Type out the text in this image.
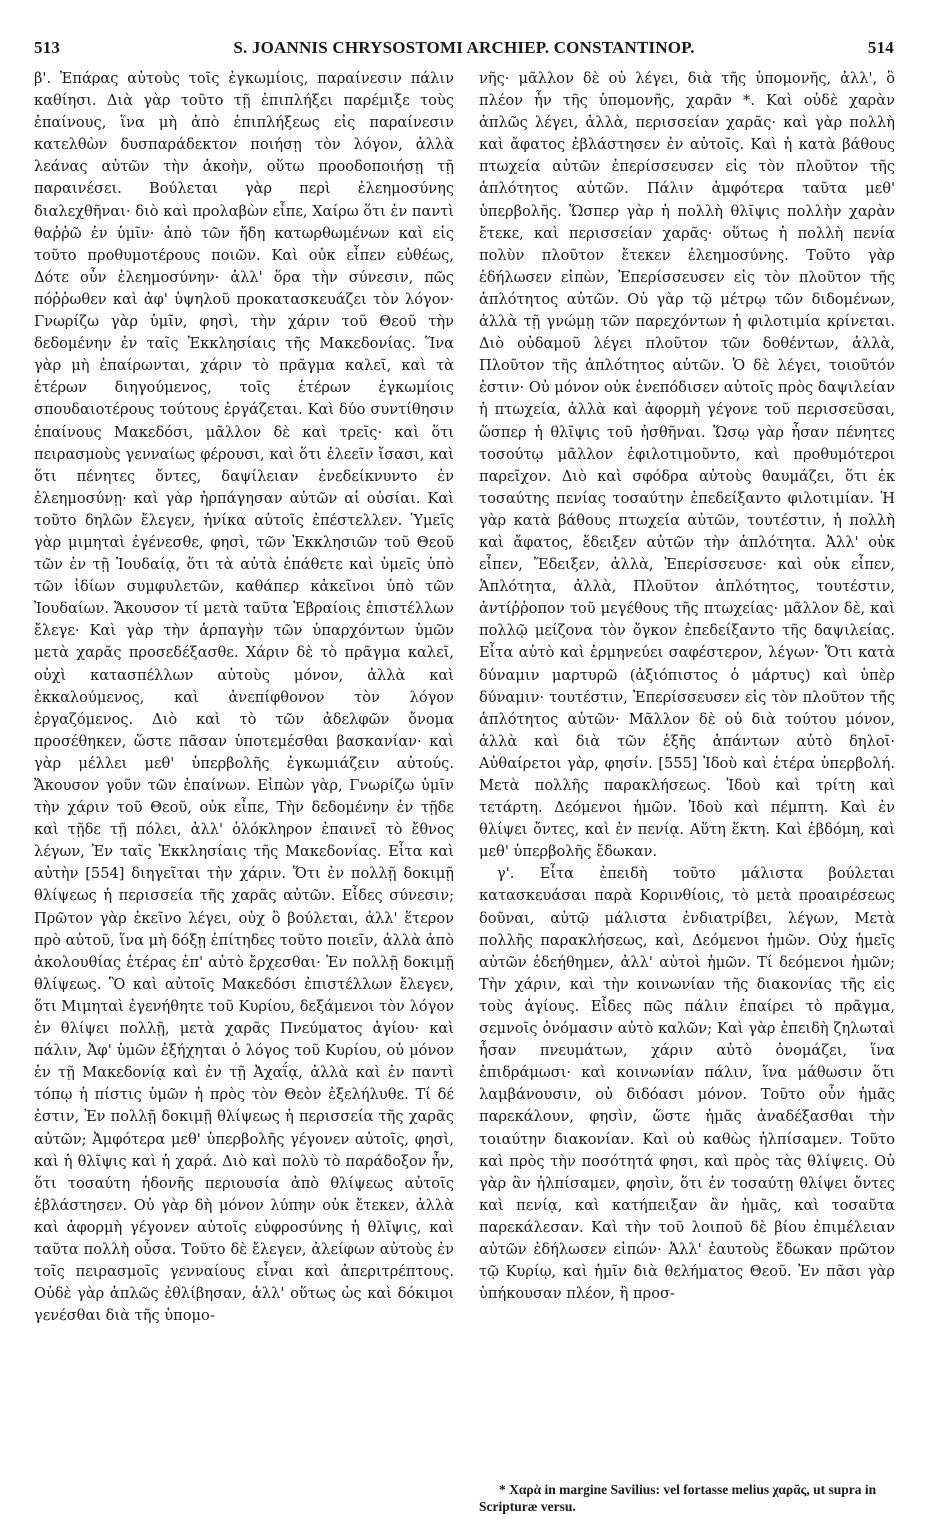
513	S. JOANNIS CHRYSOSTOMI ARCHIEP. CONSTANTINOP.	514

β'. Ἐπάρας αὐτοὺς τοῖς ἐγκωμίοις, παραίνεσιν πάλιν καθίησι. Διὰ γὰρ τοῦτο τῇ ἐπιπλήξει παρέμιξε τοὺς ἐπαίνους, ἵνα μὴ ἀπὸ ἐπιπλήξεως εἰς παραίνεσιν κατελθὼν δυσπαράδεκτον ποιήσῃ τὸν λόγον, ἀλλὰ λεάνας αὐτῶν τὴν ἀκοὴν, οὕτω προοδοποιήσῃ τῇ παραινέσει. Βούλεται γὰρ περὶ ἐλεημοσύνης διαλεχθῆναι· διὸ καὶ προλαβὼν εἶπε, Χαίρω ὅτι ἐν παντὶ θαῤῥῶ ἐν ὑμῖν· ἀπὸ τῶν ἤδη κατωρθωμένων καὶ εἰς τοῦτο προθυμοτέρους ποιῶν. Καὶ οὐκ εἶπεν εὐθέως, Δότε οὖν ἐλεημοσύνην· ἀλλ' ὅρα τὴν σύνεσιν, πῶς πόῤῥωθεν καὶ ἀφ' ὑψηλοῦ προκατασκευάζει τὸν λόγον· Γνωρίζω γὰρ ὑμῖν, φησὶ, τὴν χάριν τοῦ Θεοῦ τὴν δεδομένην ἐν ταῖς Ἐκκλησίαις τῆς Μακεδονίας. Ἵνα γὰρ μὴ ἐπαίρωνται, χάριν τὸ πρᾶγμα καλεῖ, καὶ τὰ ἑτέρων διηγούμενος, τοῖς ἑτέρων ἐγκωμίοις σπουδαιοτέρους τούτους ἐργάζεται. Καὶ δύο συντίθησιν ἐπαίνους Μακεδόσι, μᾶλλον δὲ καὶ τρεῖς· καὶ ὅτι πειρασμοὺς γενναίως φέρουσι, καὶ ὅτι ἐλεεῖν ἴσασι, καὶ ὅτι πένητες ὄντες, δαψίλειαν ἐνεδείκνυντο ἐν ἐλεημοσύνῃ· καὶ γὰρ ἡρπάγησαν αὐτῶν αἱ οὐσίαι. Καὶ τοῦτο δηλῶν ἔλεγεν, ἡνίκα αὐτοῖς ἐπέστελλεν. Ὑμεῖς γὰρ μιμηταὶ ἐγένεσθε, φησὶ, τῶν Ἐκκλησιῶν τοῦ Θεοῦ τῶν ἐν τῇ Ἰουδαίᾳ, ὅτι τὰ αὐτὰ ἐπάθετε καὶ ὑμεῖς ὑπὸ τῶν ἰδίων συμφυλετῶν, καθάπερ κἀκεῖνοι ὑπὸ τῶν Ἰουδαίων. Ἄκουσον τί μετὰ ταῦτα Ἑβραίοις ἐπιστέλλων ἔλεγε· Καὶ γὰρ τὴν ἁρπαγὴν τῶν ὑπαρχόντων ὑμῶν μετὰ χαρᾶς προσεδέξασθε. Χάριν δὲ τὸ πρᾶγμα καλεῖ, οὐχὶ κατασπέλλων αὐτοὺς μόνον, ἀλλὰ καὶ ἐκκαλούμενος, καὶ ἀνεπίφθονον τὸν λόγον ἐργαζόμενος. Διὸ καὶ τὸ τῶν ἀδελφῶν ὄνομα προσέθηκεν, ὥστε πᾶσαν ὑποτεμέσθαι βασκανίαν· καὶ γὰρ μέλλει μεθ' ὑπερβολῆς ἐγκωμιάζειν αὐτούς. Ἄκουσον γοῦν τῶν ἐπαίνων. Εἰπὼν γὰρ, Γνωρίζω ὑμῖν τὴν χάριν τοῦ Θεοῦ, οὐκ εἶπε, Τὴν δεδομένην ἐν τῇδε καὶ τῇδε τῇ πόλει, ἀλλ' ὁλόκληρον ἐπαινεῖ τὸ ἔθνος λέγων, Ἐν ταῖς Ἐκκλησίαις τῆς Μακεδονίας. Εἶτα καὶ αὐτὴν [554] διηγεῖται τὴν χάριν. Ὅτι ἐν πολλῇ δοκιμῇ θλίψεως ἡ περισσεία τῆς χαρᾶς αὐτῶν. Εἶδες σύνεσιν; Πρῶτον γὰρ ἐκεῖνο λέγει, οὐχ ὃ βούλεται, ἀλλ' ἕτερον πρὸ αὐτοῦ, ἵνα μὴ δόξῃ ἐπίτηδες τοῦτο ποιεῖν, ἀλλὰ ἀπὸ ἀκολουθίας ἑτέρας ἐπ' αὐτὸ ἔρχεσθαι· Ἐν πολλῇ δοκιμῇ θλίψεως. Ὃ καὶ αὐτοῖς Μακεδόσι ἐπιστέλλων ἔλεγεν, ὅτι Μιμηταὶ ἐγενήθητε τοῦ Κυρίου, δεξάμενοι τὸν λόγον ἐν θλίψει πολλῇ, μετὰ χαρᾶς Πνεύματος ἁγίου· καὶ πάλιν, Ἀφ' ὑμῶν ἐξήχηται ὁ λόγος τοῦ Κυρίου, οὐ μόνον ἐν τῇ Μακεδονίᾳ καὶ ἐν τῇ Ἀχαΐᾳ, ἀλλὰ καὶ ἐν παντὶ τόπῳ ἡ πίστις ὑμῶν ἡ πρὸς τὸν Θεὸν ἐξελήλυθε. Τί δέ ἐστιν, Ἐν πολλῇ δοκιμῇ θλίψεως ἡ περισσεία τῆς χαρᾶς αὐτῶν; Ἀμφότερα μεθ' ὑπερβολῆς γέγονεν αὐτοῖς, φησὶ, καὶ ἡ θλῖψις καὶ ἡ χαρά. Διὸ καὶ πολὺ τὸ παράδοξον ἦν, ὅτι τοσαύτη ἡδονῆς περιουσία ἀπὸ θλίψεως αὐτοῖς ἐβλάστησεν. Οὐ γὰρ δὴ μόνον λύπην οὐκ ἔτεκεν, ἀλλὰ καὶ ἀφορμὴ γέγονεν αὐτοῖς εὐφροσύνης ἡ θλῖψις, καὶ ταῦτα πολλὴ οὖσα. Τοῦτο δὲ ἔλεγεν, ἀλείφων αὐτοὺς ἐν τοῖς πειρασμοῖς γενναίους εἶναι καὶ ἀπεριτρέπτους. Οὐδὲ γὰρ ἁπλῶς ἐθλίβησαν, ἀλλ' οὕτως ὡς καὶ δόκιμοι γενέσθαι διὰ τῆς ὑπομο-

νῆς· μᾶλλον δὲ οὐ λέγει, διὰ τῆς ὑπομονῆς, ἀλλ', ὃ πλέον ἦν τῆς ὑπομονῆς, χαρᾶν *. Καὶ οὐδὲ χαρὰν ἁπλῶς λέγει, ἀλλὰ, περισσείαν χαρᾶς· καὶ γὰρ πολλὴ καὶ ἄφατος ἐβλάστησεν ἐν αὐτοῖς. Καὶ ἡ κατὰ βάθους πτωχεία αὐτῶν ἐπερίσσευσεν εἰς τὸν πλοῦτον τῆς ἁπλότητος αὐτῶν. Πάλιν ἀμφότερα ταῦτα μεθ' ὑπερβολῆς. Ὥσπερ γὰρ ἡ πολλὴ θλῖψις πολλὴν χαρὰν ἔτεκε, καὶ περισσείαν χαρᾶς· οὕτως ἡ πολλὴ πενία πολὺν πλοῦτον ἔτεκεν ἐλεημοσύνης. Τοῦτο γὰρ ἐδήλωσεν εἰπὼν, Ἐπερίσσευσεν εἰς τὸν πλοῦτον τῆς ἁπλότητος αὐτῶν. Οὐ γὰρ τῷ μέτρῳ τῶν διδομένων, ἀλλὰ τῇ γνώμῃ τῶν παρεχόντων ἡ φιλοτιμία κρίνεται. Διὸ οὐδαμοῦ λέγει πλοῦτον τῶν δοθέντων, ἀλλὰ, Πλοῦτον τῆς ἁπλότητος αὐτῶν. Ὁ δὲ λέγει, τοιοῦτόν ἐστιν· Οὐ μόνον οὐκ ἐνεπόδισεν αὐτοῖς πρὸς δαψιλείαν ἡ πτωχεία, ἀλλὰ καὶ ἀφορμὴ γέγονε τοῦ περισσεῦσαι, ὥσπερ ἡ θλῖψις τοῦ ἡσθῆναι. Ὥσῳ γὰρ ἦσαν πένητες τοσούτῳ μᾶλλον ἐφιλοτιμοῦντο, καὶ προθυμότεροι παρεῖχον. Διὸ καὶ σφόδρα αὐτοὺς θαυμάζει, ὅτι ἐκ τοσαύτης πενίας τοσαύτην ἐπεδείξαντο φιλοτιμίαν. Ἡ γὰρ κατὰ βάθους πτωχεία αὐτῶν, τουτέστιν, ἡ πολλὴ καὶ ἄφατος, ἔδειξεν αὐτῶν τὴν ἁπλότητα. Ἀλλ' οὐκ εἶπεν, Ἔδειξεν, ἀλλὰ, Ἐπερίσσευσε· καὶ οὐκ εἶπεν, Ἁπλότητα, ἀλλὰ, Πλοῦτον ἁπλότητος, τουτέστιν, ἀντίῤῥοπον τοῦ μεγέθους τῆς πτωχείας· μᾶλλον δὲ, καὶ πολλῷ μείζονα τὸν ὄγκον ἐπεδείξαντο τῆς δαψιλείας. Εἶτα αὐτὸ καὶ ἑρμηνεύει σαφέστερον, λέγων· Ὅτι κατὰ δύναμιν μαρτυρῶ (ἀξιόπιστος ὁ μάρτυς) καὶ ὑπὲρ δύναμιν· τουτέστιν, Ἐπερίσσευσεν εἰς τὸν πλοῦτον τῆς ἁπλότητος αὐτῶν· Μᾶλλον δὲ οὐ διὰ τούτου μόνον, ἀλλὰ καὶ διὰ τῶν ἑξῆς ἁπάντων αὐτὸ δηλοῖ· Αὐθαίρετοι γὰρ, φησίν. [555] Ἰδοὺ καὶ ἑτέρα ὑπερβολή. Μετὰ πολλῆς παρακλήσεως. Ἰδοὺ καὶ τρίτη καὶ τετάρτη. Δεόμενοι ἡμῶν. Ἰδοὺ καὶ πέμπτη. Καὶ ἐν θλίψει ὄντες, καὶ ἐν πενίᾳ. Αὕτη ἕκτη. Καὶ ἑβδόμη, καὶ μεθ' ὑπερβολῆς ἔδωκαν.

γ'. Εἶτα ἐπειδὴ τοῦτο μάλιστα βούλεται κατασκευάσαι παρὰ Κορινθίοις, τὸ μετὰ προαιρέσεως δοῦναι, αὐτῷ μάλιστα ἐνδιατρίβει, λέγων, Μετὰ πολλῆς παρακλήσεως, καὶ, Δεόμενοι ἡμῶν. Οὐχ ἡμεῖς αὐτῶν ἐδεήθημεν, ἀλλ' αὐτοὶ ἡμῶν. Τί δεόμενοι ἡμῶν; Τὴν χάριν, καὶ τὴν κοινωνίαν τῆς διακονίας τῆς εἰς τοὺς ἁγίους. Εἶδες πῶς πάλιν ἐπαίρει τὸ πρᾶγμα, σεμνοῖς ὀνόμασιν αὐτὸ καλῶν; Καὶ γὰρ ἐπειδὴ ζηλωταὶ ἦσαν πνευμάτων, χάριν αὐτὸ ὀνομάζει, ἵνα ἐπιδράμωσι· καὶ κοινωνίαν πάλιν, ἵνα μάθωσιν ὅτι λαμβάνουσιν, οὐ διδόασι μόνον. Τοῦτο οὖν ἡμᾶς παρεκάλουν, φησὶν, ὥστε ἡμᾶς ἀναδέξασθαι τὴν τοιαύτην διακονίαν. Καὶ οὐ καθὼς ἠλπίσαμεν. Τοῦτο καὶ πρὸς τὴν ποσότητά φησι, καὶ πρὸς τὰς θλίψεις. Οὐ γὰρ ἂν ἠλπίσαμεν, φησὶν, ὅτι ἐν τοσαύτῃ θλίψει ὄντες καὶ πενίᾳ, καὶ κατήπειξαν ἂν ἡμᾶς, καὶ τοσαῦτα παρεκάλεσαν. Καὶ τὴν τοῦ λοιποῦ δὲ βίου ἐπιμέλειαν αὐτῶν ἐδήλωσεν εἰπών· Ἀλλ' ἑαυτοὺς ἔδωκαν πρῶτον τῷ Κυρίῳ, καὶ ἡμῖν διὰ θελήματος Θεοῦ. Ἐν πᾶσι γὰρ ὑπήκουσαν πλέον, ἢ προσ-

* Χαρὰ in margine Savilius: vel fortasse melius χαρᾶς, ut supra in Scripturæ versu.
